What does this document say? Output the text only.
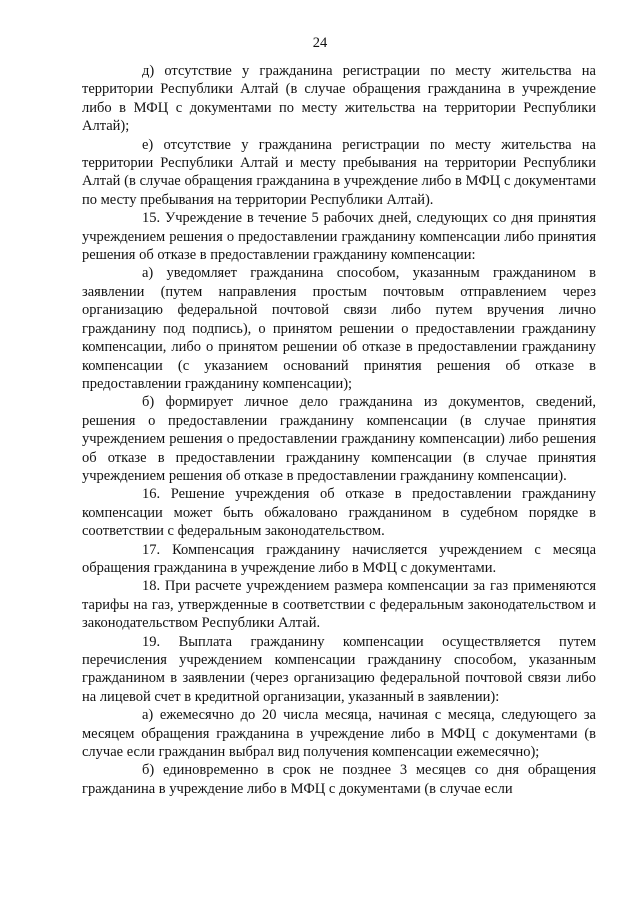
24

д) отсутствие у гражданина регистрации по месту жительства на территории Республики Алтай (в случае обращения гражданина в учреждение либо в МФЦ с документами по месту жительства на территории Республики Алтай);

е) отсутствие у гражданина регистрации по месту жительства на территории Республики Алтай и месту пребывания на территории Республики Алтай (в случае обращения гражданина в учреждение либо в МФЦ с документами по месту пребывания на территории Республики Алтай).

15. Учреждение в течение 5 рабочих дней, следующих со дня принятия учреждением решения о предоставлении гражданину компенсации либо принятия решения об отказе в предоставлении гражданину компенсации:

а) уведомляет гражданина способом, указанным гражданином в заявлении (путем направления простым почтовым отправлением через организацию федеральной почтовой связи либо путем вручения лично гражданину под подпись), о принятом решении о предоставлении гражданину компенсации, либо о принятом решении об отказе в предоставлении гражданину компенсации (с указанием оснований принятия решения об отказе в предоставлении гражданину компенсации);

б) формирует личное дело гражданина из документов, сведений, решения о предоставлении гражданину компенсации (в случае принятия учреждением решения о предоставлении гражданину компенсации) либо решения об отказе в предоставлении гражданину компенсации (в случае принятия учреждением решения об отказе в предоставлении гражданину компенсации).

16. Решение учреждения об отказе в предоставлении гражданину компенсации может быть обжаловано гражданином в судебном порядке в соответствии с федеральным законодательством.

17. Компенсация гражданину начисляется учреждением с месяца обращения гражданина в учреждение либо в МФЦ с документами.

18. При расчете учреждением размера компенсации за газ применяются тарифы на газ, утвержденные в соответствии с федеральным законодательством и законодательством Республики Алтай.

19. Выплата гражданину компенсации осуществляется путем перечисления учреждением компенсации гражданину способом, указанным гражданином в заявлении (через организацию федеральной почтовой связи либо на лицевой счет в кредитной организации, указанный в заявлении):

а) ежемесячно до 20 числа месяца, начиная с месяца, следующего за месяцем обращения гражданина в учреждение либо в МФЦ с документами (в случае если гражданин выбрал вид получения компенсации ежемесячно);

б) единовременно в срок не позднее 3 месяцев со дня обращения гражданина в учреждение либо в МФЦ с документами (в случае если
